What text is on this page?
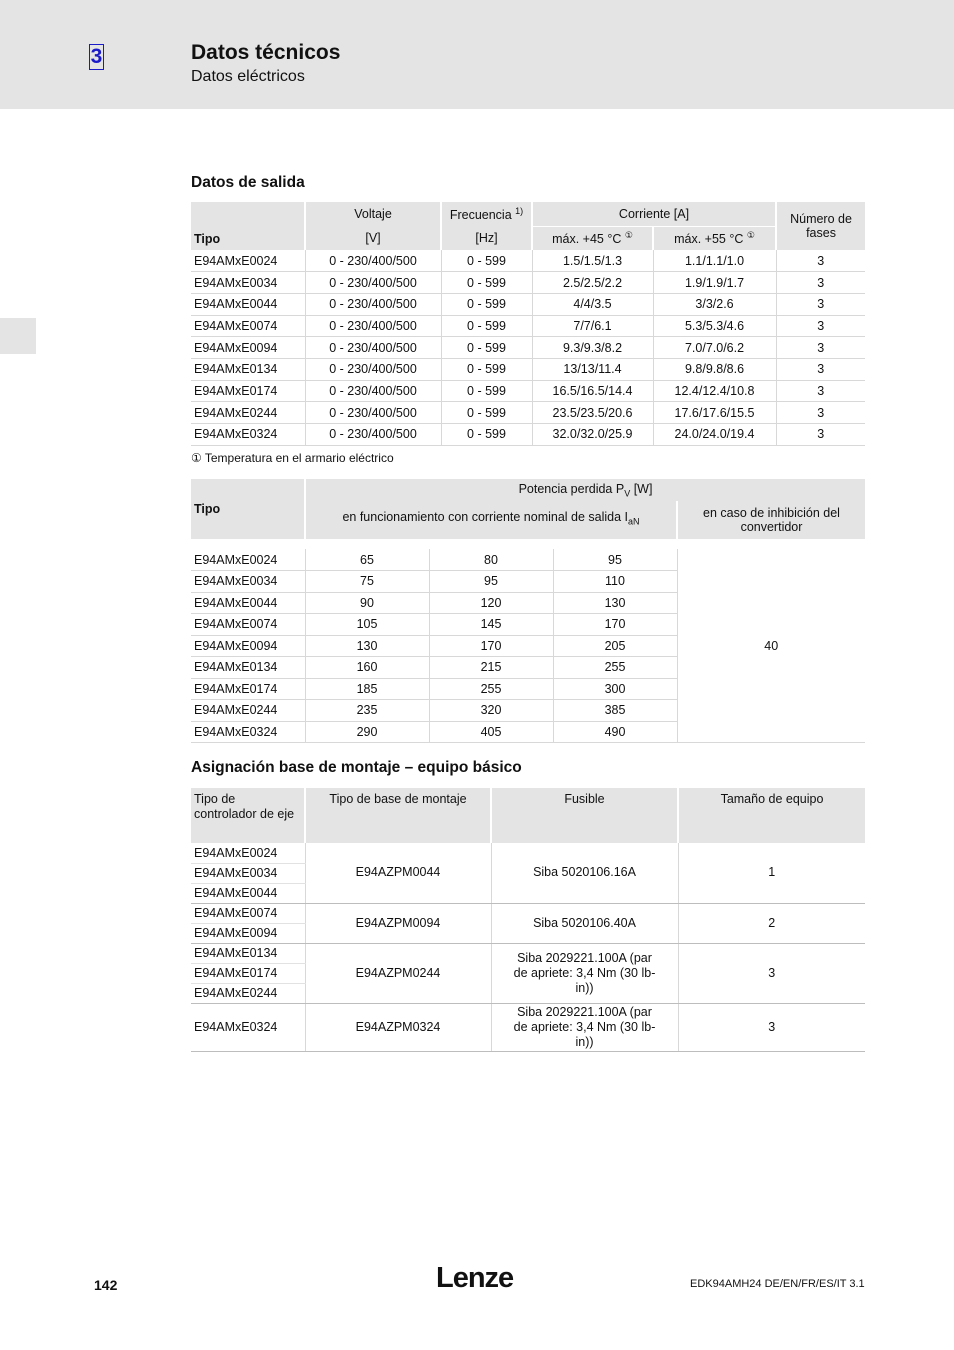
3	Datos técnicos
Datos eléctricos
Datos de salida
Tipo	Voltaje	Frecuencia $^{1)}$	Corriente [A]		Número de fases
	[V]	[Hz]	máx. +45 °C ①	máx. +55 °C ①
E94AMxE0024	0 - 230/400/500	0 - 599	1.5/1.5/1.3	1.1/1.1/1.0	3
E94AMxE0034	0 - 230/400/500	0 - 599	2.5/2.5/2.2	1.9/1.9/1.7	3
E94AMxE0044	0 - 230/400/500	0 - 599	4/4/3.5	3/3/2.6	3
E94AMxE0074	0 - 230/400/500	0 - 599	7/7/6.1	5.3/5.3/4.6	3
E94AMxE0094	0 - 230/400/500	0 - 599	9.3/9.3/8.2	7.0/7.0/6.2	3
E94AMxE0134	0 - 230/400/500	0 - 599	13/13/11.4	9.8/9.8/8.6	3
E94AMxE0174	0 - 230/400/500	0 - 599	16.5/16.5/14.4	12.4/12.4/10.8	3
E94AMxE0244	0 - 230/400/500	0 - 599	23.5/23.5/20.6	17.6/17.6/15.5	3
E94AMxE0324	0 - 230/400/500	0 - 599	32.0/32.0/25.9	24.0/24.0/19.4	3
① Temperatura en el armario eléctrico
Tipo	Potencia perdida $P_V$ [W]			
	en funcionamiento con corriente nominal de salida $I_{aN}$			en caso de inhibición del convertidor

E94AMxE0024	65	80	95	40
E94AMxE0034	75	95	110	
E94AMxE0044	90	120	130	
E94AMxE0074	105	145	170	
E94AMxE0094	130	170	205	
E94AMxE0134	160	215	255	
E94AMxE0174	185	255	300	
E94AMxE0244	235	320	385	
E94AMxE0324	290	405	490	
Asignación base de montaje – equipo básico
Tipo de controlador de eje	Tipo de base de montaje	Fusible	Tamaño de equipo
E94AMxE0024	E94AZPM0044	Siba 5020106.16A	1
E94AMxE0034			
E94AMxE0044			
E94AMxE0074	E94AZPM0094	Siba 5020106.40A	2
E94AMxE0094			
E94AMxE0134	E94AZPM0244	Siba 2029221.100A (par de apriete: 3,4 Nm (30 lb-in))	3
E94AMxE0174			
E94AMxE0244			
E94AMxE0324	E94AZPM0324	Siba 2029221.100A (par de apriete: 3,4 Nm (30 lb-in))	3
142	Lenze	EDK94AMH24 DE/EN/FR/ES/IT 3.1
